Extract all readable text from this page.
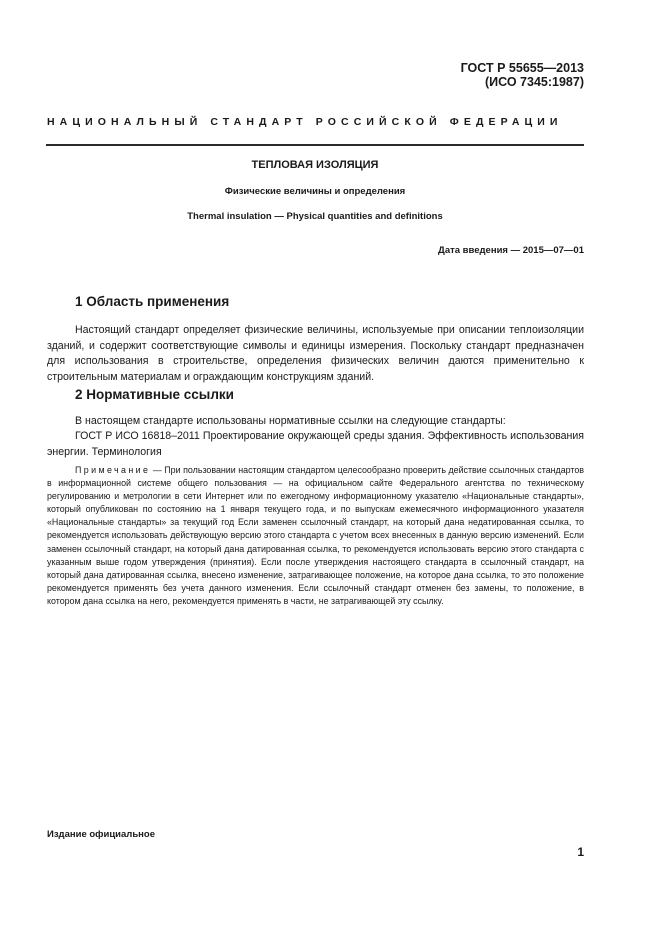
ГОСТ Р 55655—2013
(ИСО 7345:1987)
НАЦИОНАЛЬНЫЙ СТАНДАРТ РОССИЙСКОЙ ФЕДЕРАЦИИ
ТЕПЛОВАЯ ИЗОЛЯЦИЯ
Физические величины и определения
Thermal insulation — Physical quantities and definitions
Дата введения — 2015—07—01
1 Область применения
Настоящий стандарт определяет физические величины, используемые при описании теплоизоляции зданий, и содержит соответствующие символы и единицы измерения. Поскольку стандарт предназначен для использования в строительстве, определения физических величин даются применительно к строительным материалам и ограждающим конструкциям зданий.
2 Нормативные ссылки
В настоящем стандарте использованы нормативные ссылки на следующие стандарты:
ГОСТ Р ИСО 16818–2011 Проектирование окружающей среды здания. Эффективность использования энергии. Терминология
Примечание — При пользовании настоящим стандартом целесообразно проверить действие ссылочных стандартов в информационной системе общего пользования — на официальном сайте Федерального агентства по техническому регулированию и метрологии в сети Интернет или по ежегодному информационному указателю «Национальные стандарты», который опубликован по состоянию на 1 января текущего года, и по выпускам ежемесячного информационного указателя «Национальные стандарты» за текущий год Если заменен ссылочный стандарт, на который дана недатированная ссылка, то рекомендуется использовать действующую версию этого стандарта с учетом всех внесенных в данную версию изменений. Если заменен ссылочный стандарт, на который дана датированная ссылка, то рекомендуется использовать версию этого стандарта с указанным выше годом утверждения (принятия). Если после утверждения настоящего стандарта в ссылочный стандарт, на который дана датированная ссылка, внесено изменение, затрагивающее положение, на которое дана ссылка, то это положение рекомендуется применять без учета данного изменения. Если ссылочный стандарт отменен без замены, то положение, в котором дана ссылка на него, рекомендуется применять в части, не затрагивающей эту ссылку.
Издание официальное
1
